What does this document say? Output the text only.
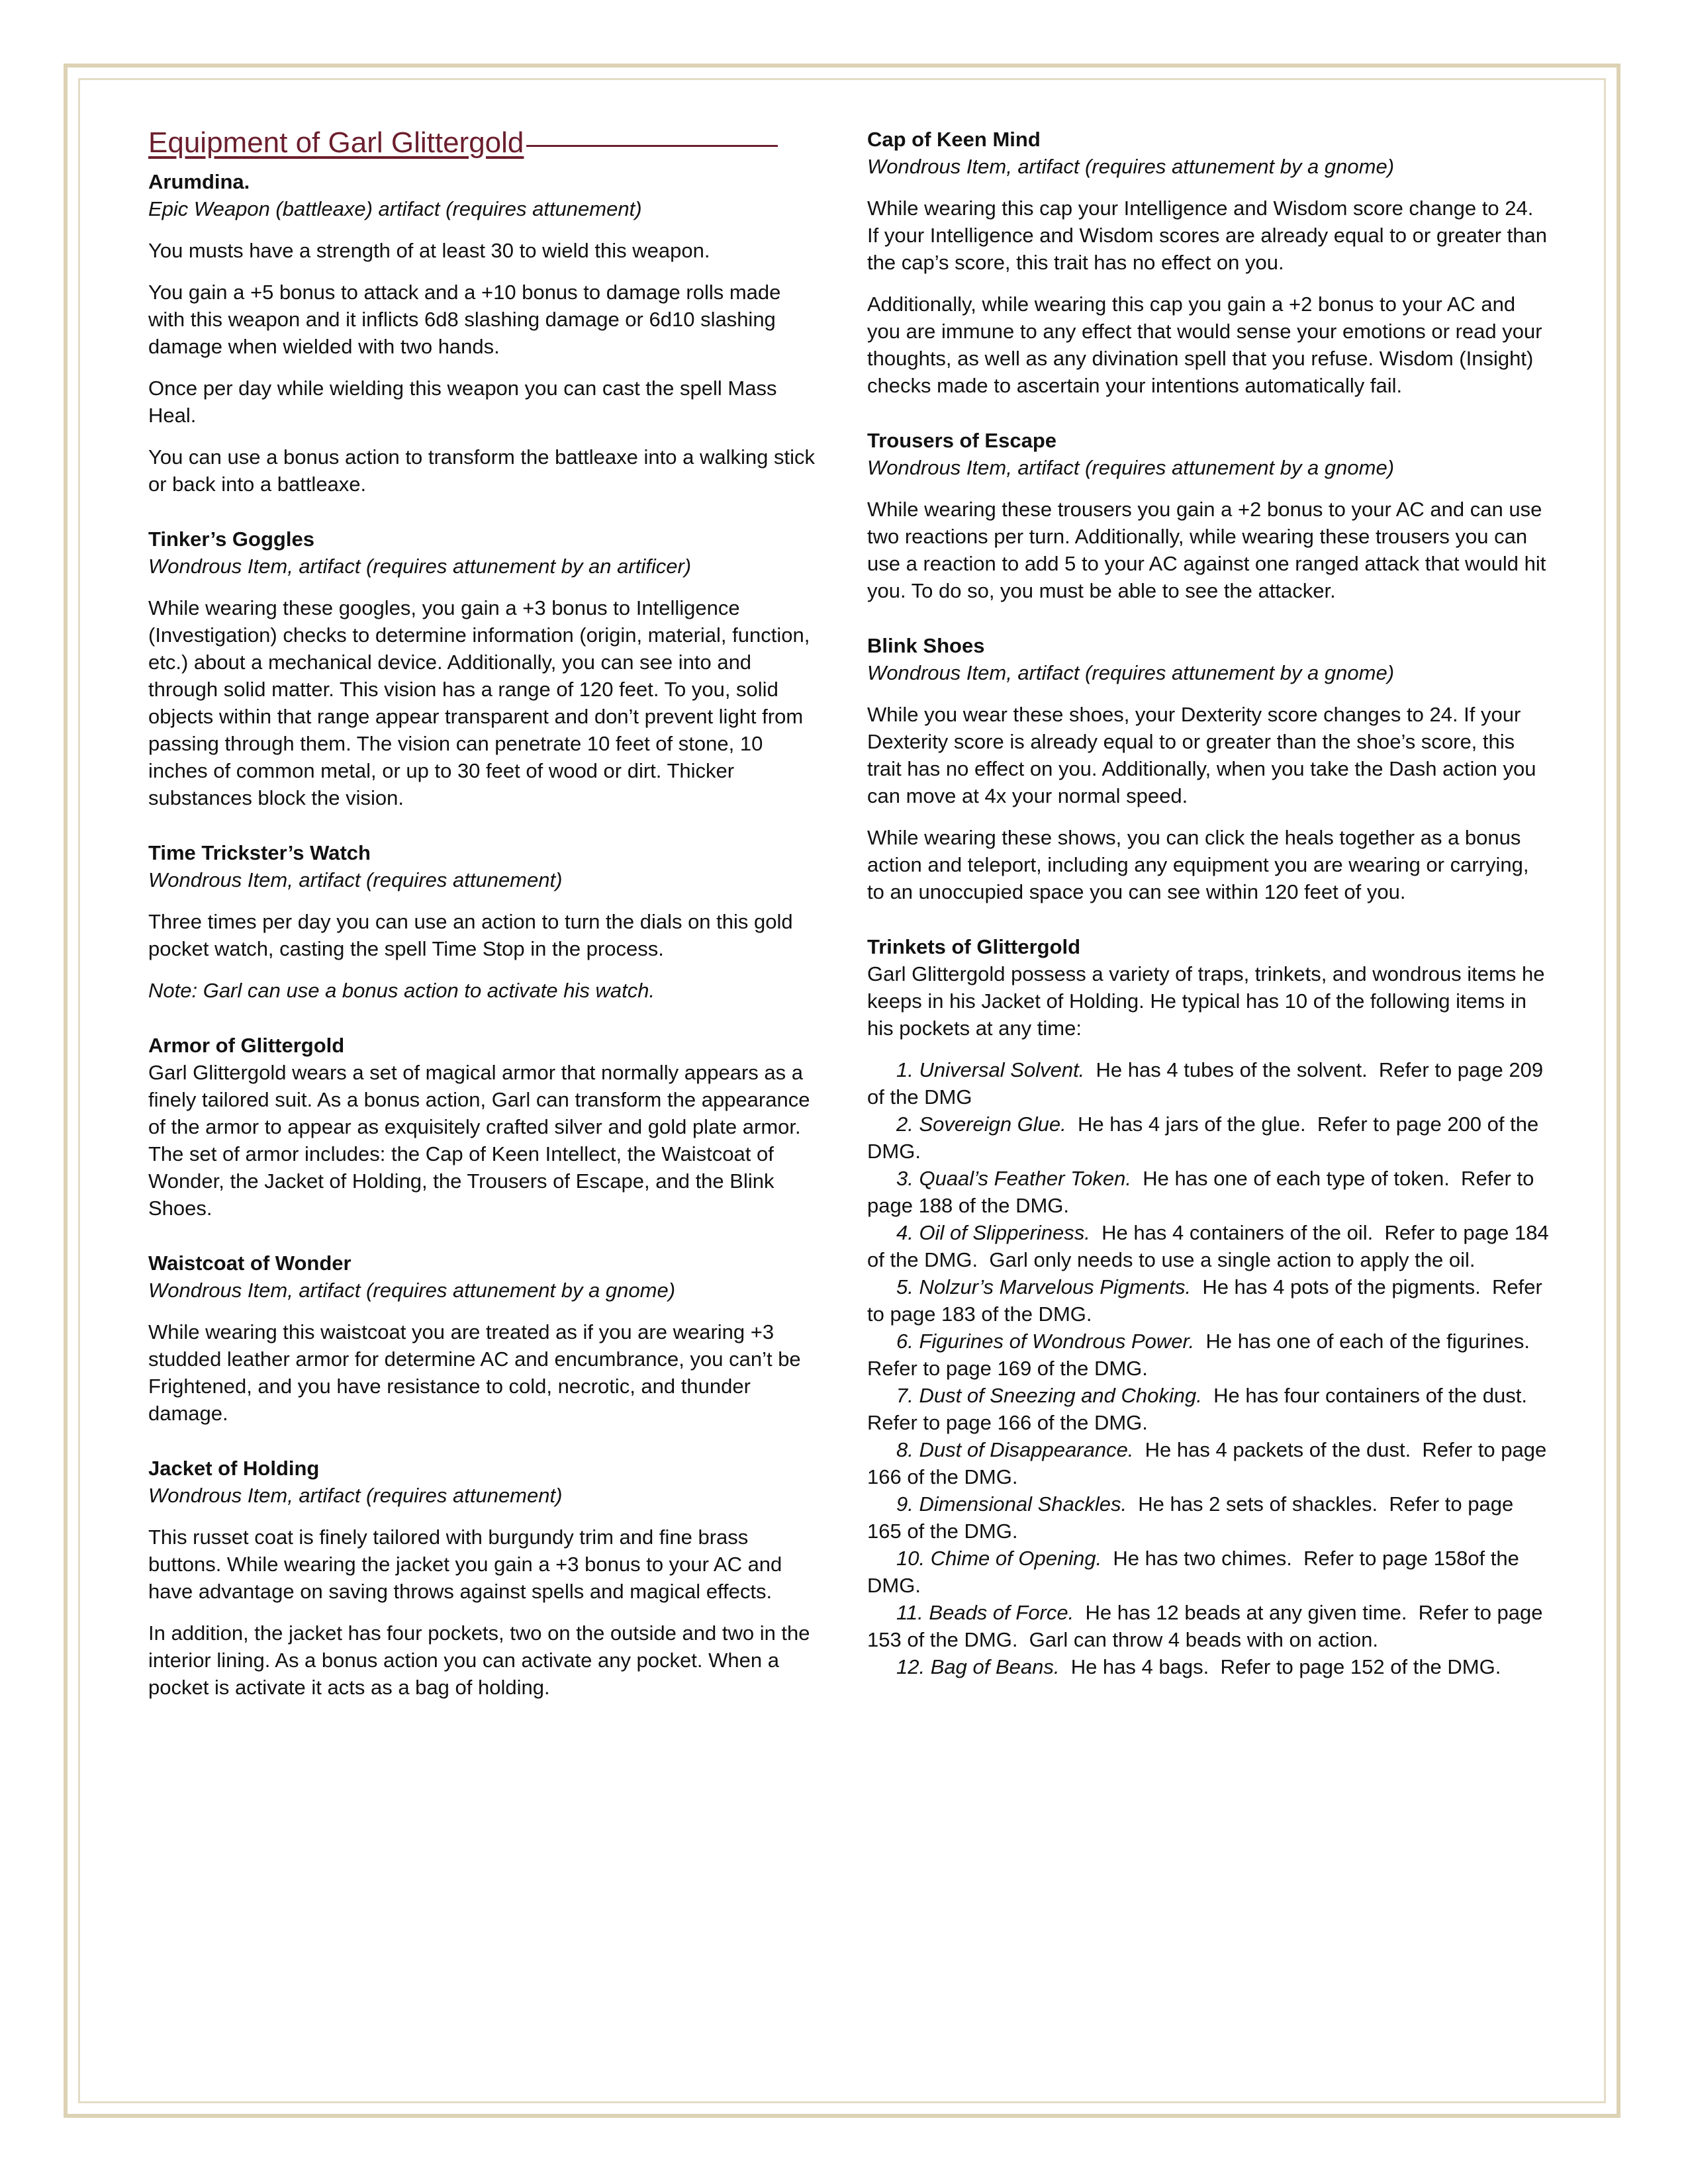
Equipment of Garl Glittergold

Arumdina.

Epic Weapon (battleaxe) artifact (requires attunement)

You musts have a strength of at least 30 to wield this weapon.

You gain a +5 bonus to attack and a +10 bonus to damage rolls made with this weapon and it inflicts 6d8 slashing damage or 6d10 slashing damage when wielded with two hands.

Once per day while wielding this weapon you can cast the spell Mass Heal.

You can use a bonus action to transform the battleaxe into a walking stick or back into a battleaxe.

Tinker’s Goggles

Wondrous Item, artifact (requires attunement by an artificer)

While wearing these googles, you gain a +3 bonus to Intelligence (Investigation) checks to determine information (origin, material, function, etc.) about a mechanical device. Additionally, you can see into and through solid matter. This vision has a range of 120 feet. To you, solid objects within that range appear transparent and don’t prevent light from passing through them. The vision can penetrate 10 feet of stone, 10 inches of common metal, or up to 30 feet of wood or dirt. Thicker substances block the vision.

Time Trickster’s Watch

Wondrous Item, artifact (requires attunement)

Three times per day you can use an action to turn the dials on this gold pocket watch, casting the spell Time Stop in the process.

Note: Garl can use a bonus action to activate his watch.

Armor of Glittergold

Garl Glittergold wears a set of magical armor that normally appears as a finely tailored suit. As a bonus action, Garl can transform the appearance of the armor to appear as exquisitely crafted silver and gold plate armor. The set of armor includes: the Cap of Keen Intellect, the Waistcoat of Wonder, the Jacket of Holding, the Trousers of Escape, and the Blink Shoes.

Waistcoat of Wonder

Wondrous Item, artifact (requires attunement by a gnome)

While wearing this waistcoat you are treated as if you are wearing +3 studded leather armor for determine AC and encumbrance, you can’t be Frightened, and you have resistance to cold, necrotic, and thunder damage.

Jacket of Holding

Wondrous Item, artifact (requires attunement)

This russet coat is finely tailored with burgundy trim and fine brass buttons. While wearing the jacket you gain a +3 bonus to your AC and have advantage on saving throws against spells and magical effects.

In addition, the jacket has four pockets, two on the outside and two in the interior lining. As a bonus action you can activate any pocket. When a pocket is activate it acts as a bag of holding.

Cap of Keen Mind

Wondrous Item, artifact (requires attunement by a gnome)

While wearing this cap your Intelligence and Wisdom score change to 24. If your Intelligence and Wisdom scores are already equal to or greater than the cap’s score, this trait has no effect on you.

Additionally, while wearing this cap you gain a +2 bonus to your AC and you are immune to any effect that would sense your emotions or read your thoughts, as well as any divination spell that you refuse. Wisdom (Insight) checks made to ascertain your intentions automatically fail.

Trousers of Escape

Wondrous Item, artifact (requires attunement by a gnome)

While wearing these trousers you gain a +2 bonus to your AC and can use two reactions per turn. Additionally, while wearing these trousers you can use a reaction to add 5 to your AC against one ranged attack that would hit you. To do so, you must be able to see the attacker.

Blink Shoes

Wondrous Item, artifact (requires attunement by a gnome)

While you wear these shoes, your Dexterity score changes to 24. If your Dexterity score is already equal to or greater than the shoe’s score, this trait has no effect on you. Additionally, when you take the Dash action you can move at 4x your normal speed.

While wearing these shows, you can click the heals together as a bonus action and teleport, including any equipment you are wearing or carrying, to an unoccupied space you can see within 120 feet of you.

Trinkets of Glittergold

Garl Glittergold possess a variety of traps, trinkets, and wondrous items he keeps in his Jacket of Holding. He typical has 10 of the following items in his pockets at any time:

1. Universal Solvent.  He has 4 tubes of the solvent.  Refer to page 209 of the DMG
2. Sovereign Glue.  He has 4 jars of the glue.  Refer to page 200 of the DMG.
3. Quaal’s Feather Token.  He has one of each type of token.  Refer to page 188 of the DMG.
4. Oil of Slipperiness.  He has 4 containers of the oil.  Refer to page 184 of the DMG.  Garl only needs to use a single action to apply the oil.
5. Nolzur’s Marvelous Pigments.  He has 4 pots of the pigments.  Refer to page 183 of the DMG.
6. Figurines of Wondrous Power.  He has one of each of the figurines.  Refer to page 169 of the DMG.
7. Dust of Sneezing and Choking.  He has four containers of the dust.  Refer to page 166 of the DMG.
8. Dust of Disappearance.  He has 4 packets of the dust.  Refer to page 166 of the DMG.
9. Dimensional Shackles.  He has 2 sets of shackles.  Refer to page 165 of the DMG.
10. Chime of Opening.  He has two chimes.  Refer to page 158of the DMG.
11. Beads of Force.  He has 12 beads at any given time.  Refer to page 153 of the DMG.  Garl can throw 4 beads with on action.
12. Bag of Beans.  He has 4 bags.  Refer to page 152 of the DMG.
